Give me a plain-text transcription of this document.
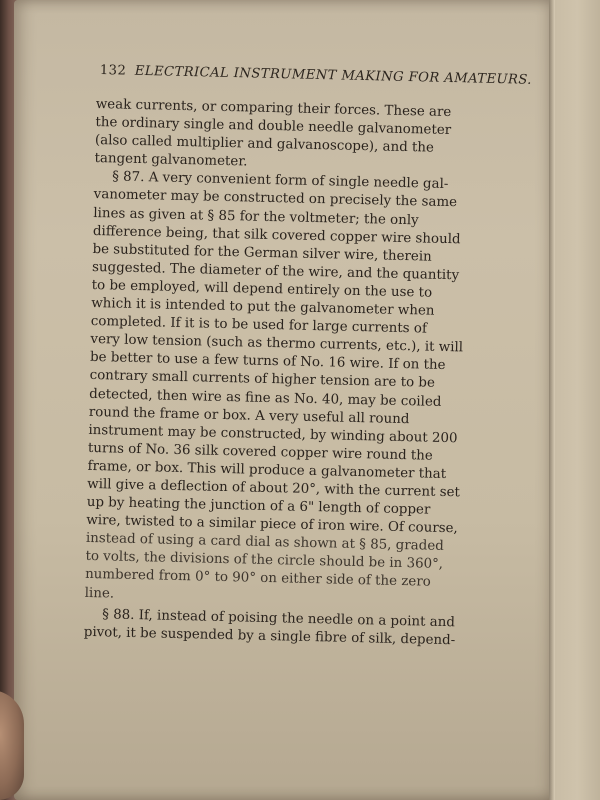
132 ELECTRICAL INSTRUMENT MAKING FOR AMATEURS.
weak currents, or comparing their forces. These are
the ordinary single and double needle galvanometer
(also called multiplier and galvanoscope), and the
tangent galvanometer.
§ 87. A very convenient form of single needle gal-
vanometer may be constructed on precisely the same
lines as given at § 85 for the voltmeter; the only
difference being, that silk covered copper wire should
be substituted for the German silver wire, therein
suggested. The diameter of the wire, and the quantity
to be employed, will depend entirely on the use to
which it is intended to put the galvanometer when
completed. If it is to be used for large currents of
very low tension (such as thermo currents, etc.), it will
be better to use a few turns of No. 16 wire. If on the
contrary small currents of higher tension are to be
detected, then wire as fine as No. 40, may be coiled
round the frame or box. A very useful all round
instrument may be constructed, by winding about 200
turns of No. 36 silk covered copper wire round the
frame, or box. This will produce a galvanometer that
will give a deflection of about 20°, with the current set
up by heating the junction of a 6" length of copper
wire, twisted to a similar piece of iron wire. Of course,
instead of using a card dial as shown at § 85, graded
to volts, the divisions of the circle should be in 360°,
numbered from 0° to 90° on either side of the zero
line.
§ 88. If, instead of poising the needle on a point and
pivot, it be suspended by a single fibre of silk, depend-
